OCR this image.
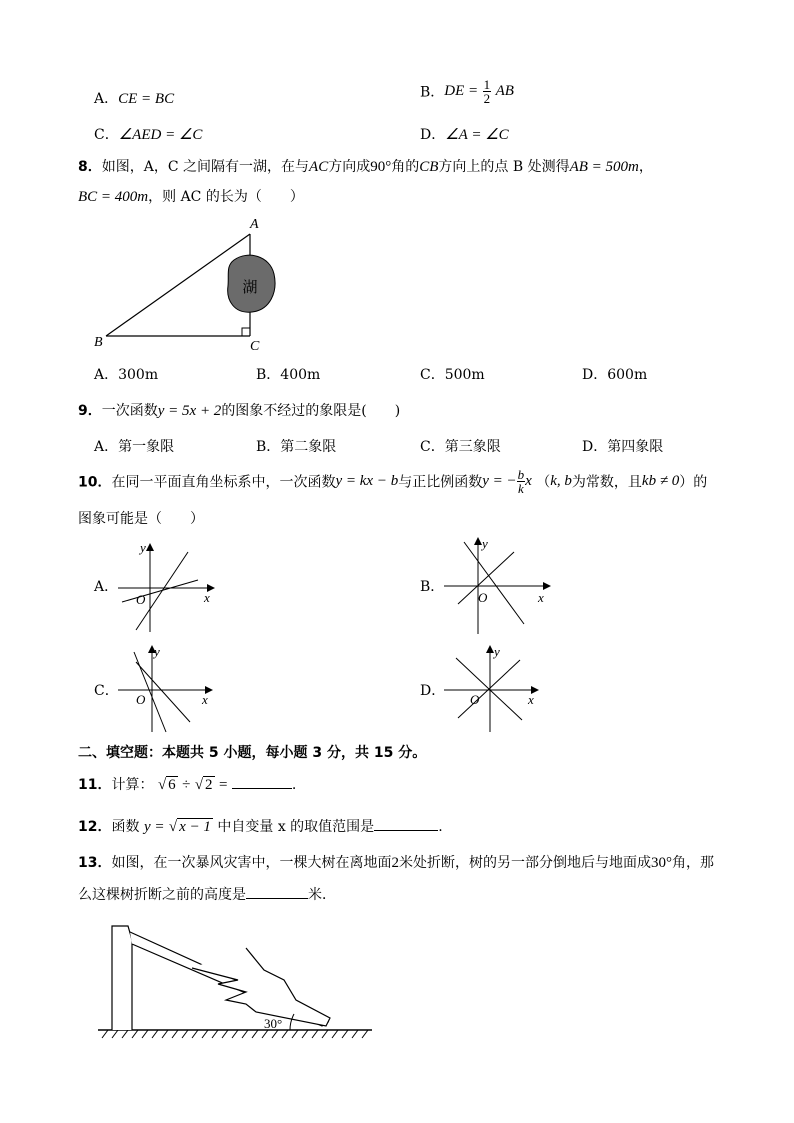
A．CE = BC	B．DE = $\frac{1}{2}$ AB
C．∠AED = ∠C	D．∠A = ∠C
8．如图，A，C 之间隔有一湖，在与AC方向成90°角的CB方向上的点 B 处测得AB = 500m，
BC = 400m，则 AC 的长为（　　）
湖
A
B	C
A．300m	B．400m	C．500m	D．600m
9．一次函数y = 5x + 2的图象不经过的象限是(　　)
A．第一象限	B．第二象限	C．第三象限	D．第四象限
10．在同一平面直角坐标系中，一次函数y = kx − b与正比例函数y = − $\frac{b}{k}$ x （k, b为常数，且kb ≠ 0）的
图象可能是（　　）
A．
x
y
O
B．
x
y
O
C．
x
y
O
D．
x
y
O
二、填空题：本题共 5 小题，每小题 3 分，共 15 分。
11．计算： √ 6 ÷ √ 2 =	.
12．函数 y = √ x − 1 中自变量 x 的取值范围是	.
13．如图，在一次暴风灾害中，一棵大树在离地面2米处折断，树的另一部分倒地后与地面成30°角，那
么这棵树折断之前的高度是	米．
30°
